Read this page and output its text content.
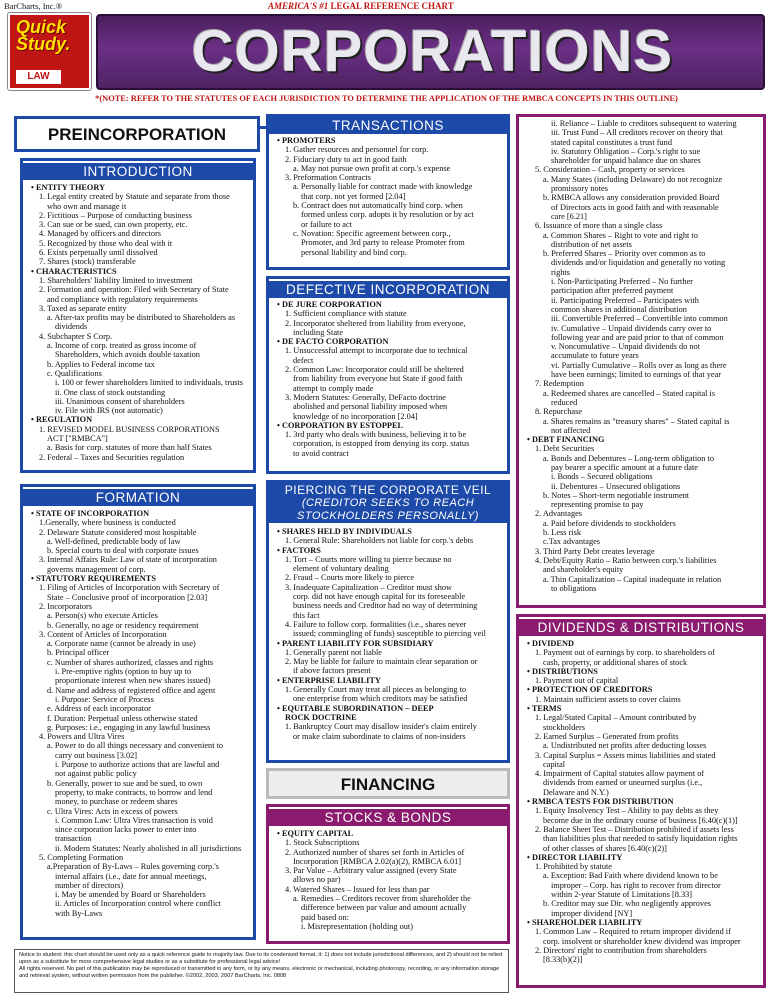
BarCharts, Inc.®	AMERICA'S #1 LEGAL REFERENCE CHART
Quick
Study.
LAW	CORPORATIONS
*(NOTE: REFER TO THE STATUTES OF EACH JURISDICTION TO DETERMINE THE APPLICATION OF THE RMBCA CONCEPTS IN THIS OUTLINE)
PREINCORPORATION
INTRODUCTION

• ENTITY THEORY

1. Legal entity created by Statute and separate from those

who own and manage it

2. Fictitious – Purpose of conducting business

3. Can sue or be sued, can own property, etc.

4. Managed by officers and directors

5. Recognized by those who deal with it

6. Exists perpetually until dissolved

7. Shares (stock) transferable

• CHARACTERISTICS

1. Shareholders' liability limited to investment

2. Formation and operation: Filed with Secretary of State

and compliance with regulatory requirements

3. Taxed as separate entity

a. After-tax profits may be distributed to Shareholders as

dividends

4. Subchapter S Corp.

a. Income of corp. treated as gross income of

Shareholders, which avoids double taxation

b. Applies to Federal income tax

c. Qualifications

i. 100 or fewer shareholders limited to individuals, trusts

ii. One class of stock outstanding

iii. Unanimous consent of shareholders

iv. File with IRS (not automatic)

• REGULATION

1. REVISED MODEL BUSINESS CORPORATIONS

ACT ["RMBCA"]

a. Basis for corp. statutes of more than half States

2. Federal – Taxes and Securities regulation

FORMATION

• STATE OF INCORPORATION

1.Generally, where business is conducted

2. Delaware Statute considered most hospitable

a. Well-defined, predictable body of law

b. Special courts to deal with corporate issues

3. Internal Affairs Rule: Law of state of incorporation

governs management of corp.

• STATUTORY REQUIREMENTS

1. Filing of Articles of Incorporation with Secretary of

State – Conclusive proof of incorporation [2.03]

2. Incorporators

a. Person(s) who execute Articles

b. Generally, no age or residency requirement

3. Content of Articles of Incorporation

a. Corporate name (cannot be already in use)

b. Principal officer

c. Number of shares authorized, classes and rights

i. Pre-emptive rights (option to buy up to

proportionate interest when new shares issued)

d. Name and address of registered office and agent

i. Purpose: Service of Process

e. Address of each incorporator

f. Duration: Perpetual unless otherwise stated

g. Purposes: i.e., engaging in any lawful business

4. Powers and Ultra Vires

a. Power to do all things necessary and convenient to

carry out business [3.02]

i. Purpose to authorize actions that are lawful and

not against public policy

b. Generally, power to sue and be sued, to own

property, to make contracts, to borrow and lend

money, to purchase or redeem shares

c. Ultra Vires: Acts in excess of powers

i. Common Law: Ultra Vires transaction is void

since corporation lacks power to enter into

transaction

ii. Modern Statutes: Nearly abolished in all jurisdictions

5. Completing Formation

a.Preparation of By-Laws – Rules governing corp.'s

internal affairs (i.e., date for annual meetings,

number of directors)

i. May be amended by Board or Shareholders

ii. Articles of Incorporation control where conflict

with By-Laws

TRANSACTIONS

• PROMOTERS

1. Gather resources and personnel for corp.

2. Fiduciary duty to act in good faith

a. May not pursue own profit at corp.'s expense

3. Preformation Contracts

a. Personally liable for contract made with knowledge

that corp. not yet formed [2.04]

b. Contract does not automatically bind corp. when

formed unless corp. adopts it by resolution or by act

or failure to act

c. Novation: Specific agreement between corp.,

Promoter, and 3rd party to release Promoter from

personal liability and bind corp.

DEFECTIVE INCORPORATION

• DE JURE CORPORATION

1. Sufficient compliance with statute

2. Incorporator sheltered from liability from everyone,

including State

• DE FACTO CORPORATION

1. Unsuccessful attempt to incorporate due to technical

defect

2. Common Law: Incorporator could still be sheltered

from liability from everyone but State if good faith

attempt to comply made

3. Modern Statutes: Generally, DeFacto doctrine

abolished and personal liability imposed when

knowledge of no incorporation [2.04]

• CORPORATION BY ESTOPPEL

1. 3rd party who deals with business, believing it to be

corporation, is estopped from denying its corp. status

to avoid contract

PIERCING THE CORPORATE VEIL
(CREDITOR SEEKS TO REACH
STOCKHOLDERS PERSONALLY)

• SHARES HELD BY INDIVIDUALS

1. General Rule: Shareholders not liable for corp.'s debts

• FACTORS

1. Tort – Courts more willing to pierce because no

element of voluntary dealing

2. Fraud – Courts more likely to pierce

3. Inadequate Capitalization – Creditor must show

corp. did not have enough capital for its foreseeable

business needs and Creditor had no way of determining

this fact

4. Failure to follow corp. formalities (i.e., shares never

issued; commingling of funds) susceptible to piercing veil

• PARENT LIABILITY FOR SUBSIDIARY

1. Generally parent not liable

2. May be liable for failure to maintain clear separation or

if above factors present

• ENTERPRISE LIABILITY

1. Generally Court may treat all pieces as belonging to

one enterprise from which creditors may be satisfied

• EQUITABLE SUBORDINATION – DEEP

ROCK DOCTRINE

1. Bankruptcy Court may disallow insider's claim entirely

or make claim subordinate to claims of non-insiders

FINANCING
STOCKS & BONDS

• EQUITY CAPITAL

1. Stock Subscriptions

2. Authorized number of shares set forth in Articles of

Incorporation [RMBCA 2.02(a)(2), RMBCA 6.01]

3. Par Value – Arbitrary value assigned (every State

allows no par)

4. Watered Shares – Issued for less than par

a. Remedies – Creditors recover from shareholder the

difference between par value and amount actually

paid based on:

i. Misrepresentation (holding out)

ii. Reliance – Liable to creditors subsequent to watering

iii. Trust Fund – All creditors recover on theory that

stated capital constitutes a trust fund

iv. Statutory Obligation – Corp.'s right to sue

shareholder for unpaid balance due on shares

5. Consideration – Cash, property or services

a. Many States (including Delaware) do not recognize

promissory notes

b. RMBCA allows any consideration provided Board

of Directors acts in good faith and with reasonable

care [6.21]

6. Issuance of more than a single class

a. Common Shares – Right to vote and right to

distribution of net assets

b. Preferred Shares – Priority over common as to

dividends and/or liquidation and generally no voting

rights

i. Non-Participating Preferred – No further

participation after preferred payment

ii. Participating Preferred – Participates with

common shares in additional distribution

iii. Convertible Preferred – Convertible into common

iv. Cumulative – Unpaid dividends carry over to

following year and are paid prior to that of common

v. Noncumulative – Unpaid dividends do not

accumulate to future years

vi. Partially Cumulative – Rolls over as long as there

have been earnings; limited to earnings of that year

7. Redemption

a. Redeemed shares are cancelled – Stated capital is

reduced

8. Repurchase

a. Shares remains as "treasury shares" – Stated capital is

not affected

• DEBT FINANCING

1. Debt Securities

a. Bonds and Debentures – Long-term obligation to

pay bearer a specific amount at a future date

i. Bonds – Secured obligations

ii. Debentures – Unsecured obligations

b. Notes – Short-term negotiable instrument

representing promise to pay

2. Advantages

a. Paid before dividends to stockholders

b. Less risk

c.Tax advantages

3. Third Party Debt creates leverage

4. Debt/Equity Ratio – Ratio between corp.'s liabilities

and shareholder's equity

a. Thin Capitalization – Capital inadequate in relation

to obligations

DIVIDENDS & DISTRIBUTIONS

• DIVIDEND

1. Payment out of earnings by corp. to shareholders of

cash, property, or additional shares of stock

• DISTRIBUTIONS

1. Payment out of capital

• PROTECTION OF CREDITORS

1. Maintain sufficient assets to cover claims

• TERMS

1. Legal/Stated Capital – Amount contributed by

stockholders

2. Earned Surplus – Generated from profits

a. Undistributed net profits after deducting losses

3. Capital Surplus = Assets minus liabilities and stated

capital

4. Impairment of Capital statutes allow payment of

dividends from earned or unearned surplus (i.e.,

Delaware and N.Y.)

• RMBCA TESTS FOR DISTRIBUTION

1. Equity Insolvency Test – Ability to pay debts as they

become due in the ordinary course of business [6.40(c)(1)]

2. Balance Sheet Test – Distribution prohibited if assets less

than liabilities plus that needed to satisfy liquidation rights

of other classes of shares [6.40(c)(2)]

• DIRECTOR LIABILITY

1. Prohibited by statute

a. Exception: Bad Faith where dividend known to be

improper – Corp. has right to recover from director

within 2-year Statute of Limitations [8.33]

b. Creditor may sue Dir. who negligently approves

improper dividend [NY]

• SHAREHOLDER LIABILITY

1. Common Law – Required to return improper dividend if

corp. insolvent or shareholder knew dividend was improper

2. Directors' right to contribution from shareholders

[8.33(b)(2)]

Notice to student: this chart should be used only as a quick reference guide to majority law. Due to its condensed format, it: 1) does not include jurisdictional differences, and 2) should not be relied upon as a substitute for more comprehensive legal studies or as a substitute for professional legal advice!

All rights reserved. No part of this publication may be reproduced or transmitted in any form, or by any means, electronic or mechanical, including photocopy, recording, or any information storage and retrieval system, without written permission from the publisher. ©2002, 2003, 2007 BarCharts, Inc. 0808
